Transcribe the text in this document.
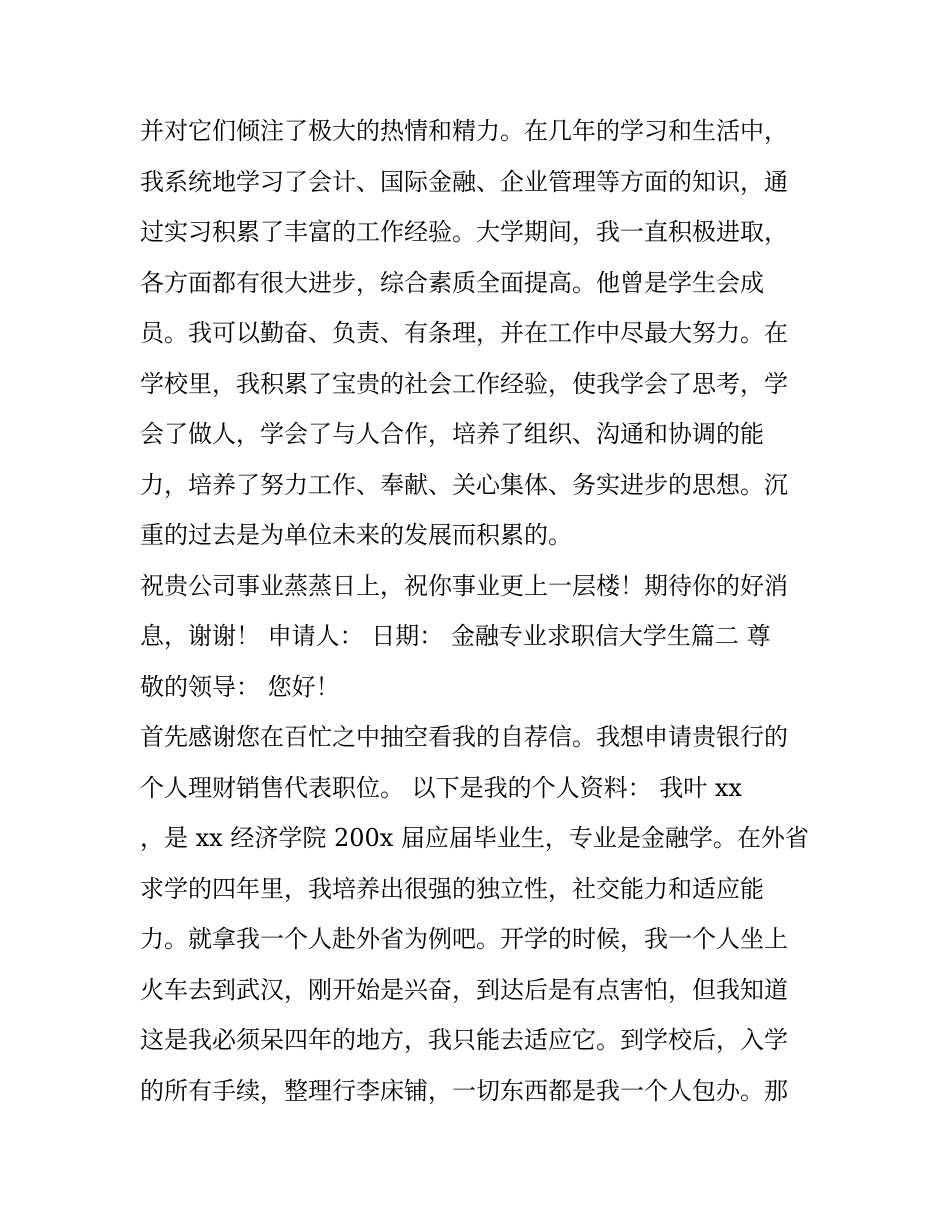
并对它们倾注了极大的热情和精力。在几年的学习和生活中，
我系统地学习了会计、国际金融、企业管理等方面的知识，通
过实习积累了丰富的工作经验。大学期间，我一直积极进取，
各方面都有很大进步，综合素质全面提高。他曾是学生会成
员。我可以勤奋、负责、有条理，并在工作中尽最大努力。在
学校里，我积累了宝贵的社会工作经验，使我学会了思考，学
会了做人，学会了与人合作，培养了组织、沟通和协调的能
力，培养了努力工作、奉献、关心集体、务实进步的思想。沉
重的过去是为单位未来的发展而积累的。
祝贵公司事业蒸蒸日上，祝你事业更上一层楼！期待你的好消
息，谢谢！ 申请人： 日期： 金融专业求职信大学生篇二 尊
敬的领导： 您好！
首先感谢您在百忙之中抽空看我的自荐信。我想申请贵银行的
个人理财销售代表职位。 以下是我的个人资料： 我叶 xx
，是 xx 经济学院 200x 届应届毕业生，专业是金融学。在外省
求学的四年里，我培养出很强的独立性，社交能力和适应能
力。就拿我一个人赴外省为例吧。开学的时候，我一个人坐上
火车去到武汉，刚开始是兴奋，到达后是有点害怕，但我知道
这是我必须呆四年的地方，我只能去适应它。到学校后，入学
的所有手续，整理行李床铺，一切东西都是我一个人包办。那
